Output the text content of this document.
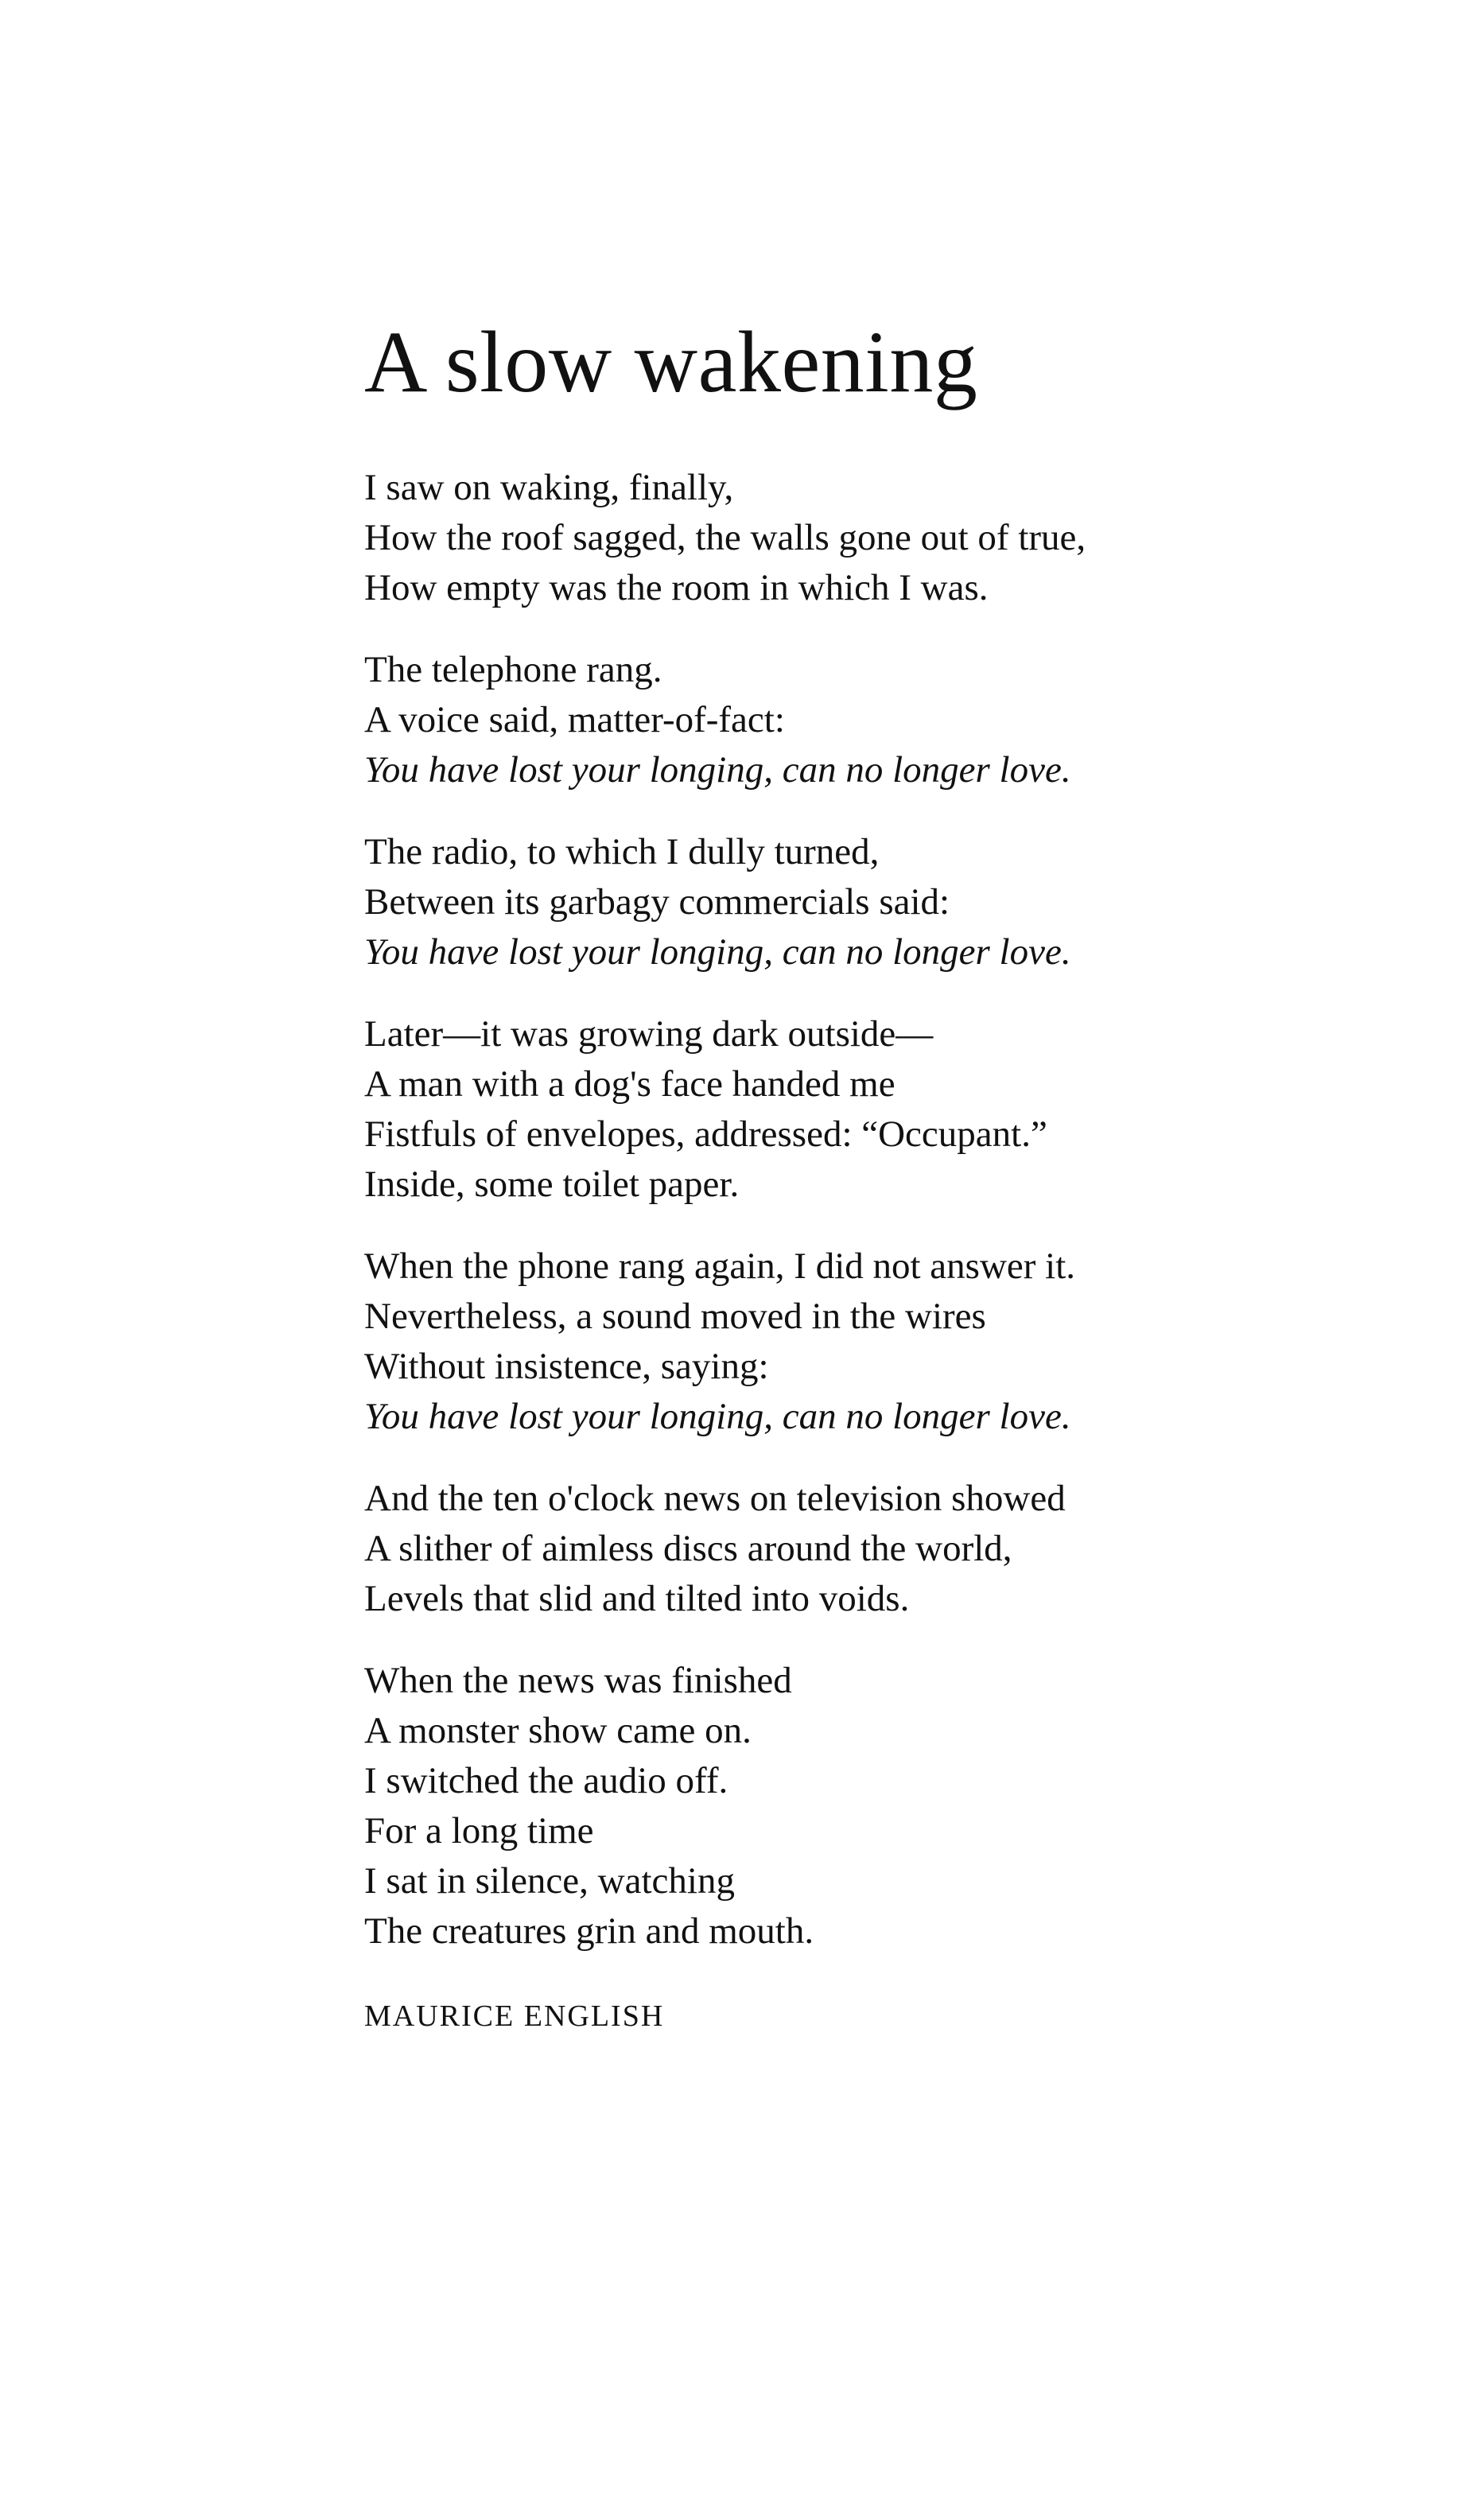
A slow wakening
I saw on waking, finally,
How the roof sagged, the walls gone out of true,
How empty was the room in which I was.
The telephone rang.
A voice said, matter-of-fact:
You have lost your longing, can no longer love.
The radio, to which I dully turned,
Between its garbagy commercials said:
You have lost your longing, can no longer love.
Later—it was growing dark outside—
A man with a dog's face handed me
Fistfuls of envelopes, addressed: “Occupant.”
Inside, some toilet paper.
When the phone rang again, I did not answer it.
Nevertheless, a sound moved in the wires
Without insistence, saying:
You have lost your longing, can no longer love.
And the ten o'clock news on television showed
A slither of aimless discs around the world,
Levels that slid and tilted into voids.
When the news was finished
A monster show came on.
I switched the audio off.
For a long time
I sat in silence, watching
The creatures grin and mouth.
MAURICE ENGLISH
